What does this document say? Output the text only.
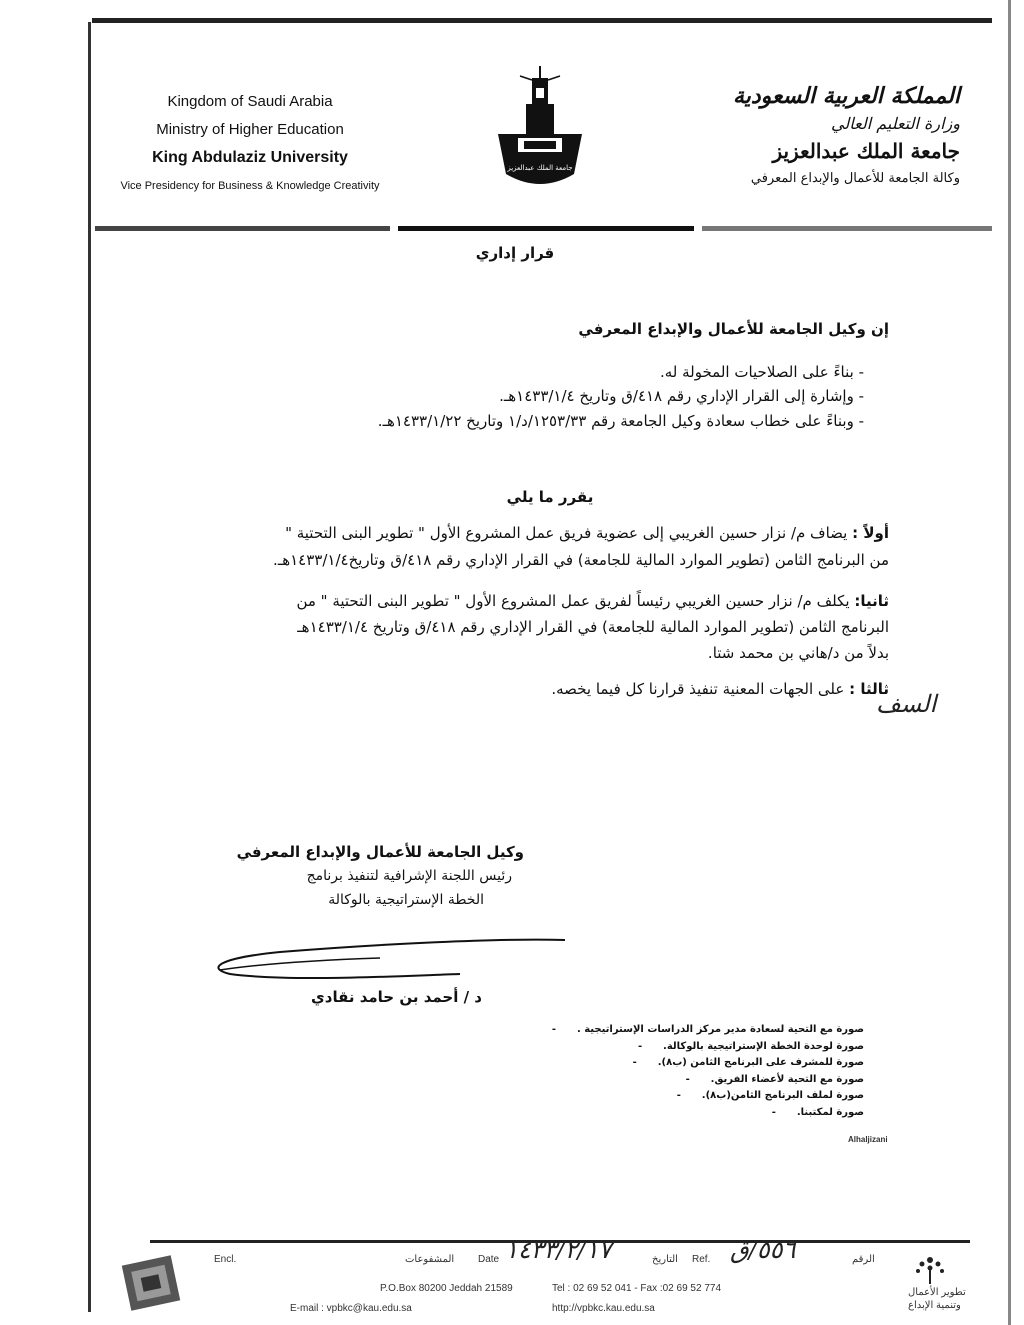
Kingdom of Saudi Arabia
Ministry of Higher Education
King Abdulaziz University
Vice Presidency for Business & Knowledge Creativity
جامعة الملك عبدالعزيز
المملكة العربية السعودية
وزارة التعليم العالي
جامعة الملك عبدالعزيز
وكالة الجامعة للأعمال والإبداع المعرفي
قرار إداري
إن وكيل الجامعة للأعمال والإبداع المعرفي
- بناءً على الصلاحيات المخولة له.
- وإشارة إلى القرار الإداري رقم ٤١٨/ق وتاريخ ١٤٣٣/١/٤هـ.
- وبناءً على خطاب سعادة وكيل الجامعة رقم ١٢٥٣/٣٣/د/١ وتاريخ ١٤٣٣/١/٢٢هـ.
يقرر ما يلي
أولاً : يضاف م/ نزار حسين الغريبي إلى عضوية فريق عمل المشروع الأول " تطوير البنى التحتية "
من البرنامج الثامن (تطوير الموارد المالية للجامعة) في القرار الإداري رقم ٤١٨/ق وتاريخ١٤٣٣/١/٤هـ.
ثانيا: يكلف م/ نزار حسين الغريبي رئيساً لفريق عمل المشروع الأول " تطوير البنى التحتية " من
البرنامج الثامن (تطوير الموارد المالية للجامعة) في القرار الإداري رقم ٤١٨/ق وتاريخ ١٤٣٣/١/٤هـ
بدلاً من د/هاني بن محمد شتا.
ثالثا : على الجهات المعنية تنفيذ قرارنا كل فيما يخصه.
السف
وكيل الجامعة للأعمال والإبداع المعرفي
رئيس اللجنة الإشرافية لتنفيذ برنامج
الخطة الإستراتيجية بالوكالة
د / أحمد بن حامد نقادي
صورة مع التحية لسعادة مدير مركز الدراسات الإستراتيجية .      -
صورة لوحدة الخطة الإستراتيجية بالوكالة.      -
صورة للمشرف على البرنامج الثامن (ب٨).      -
صورة مع التحية لأعضاء الفريق.      -
صورة لملف البرنامج الثامن(ب٨).      -
صورة لمكتبنا.      -
Alhaljizani
Encl.	المشفوعات Date ١٤٣٣/٢/١٧	التاريخ Ref. ٥٥٦/ق	الرقم
P.O.Box 80200 Jeddah 21589	Tel : 02 69 52 041 - Fax :02 69 52 774
E-mail : vpbkc@kau.edu.sa	http://vpbkc.kau.edu.sa
تطوير الأعمال
وتنمية الإبداع
